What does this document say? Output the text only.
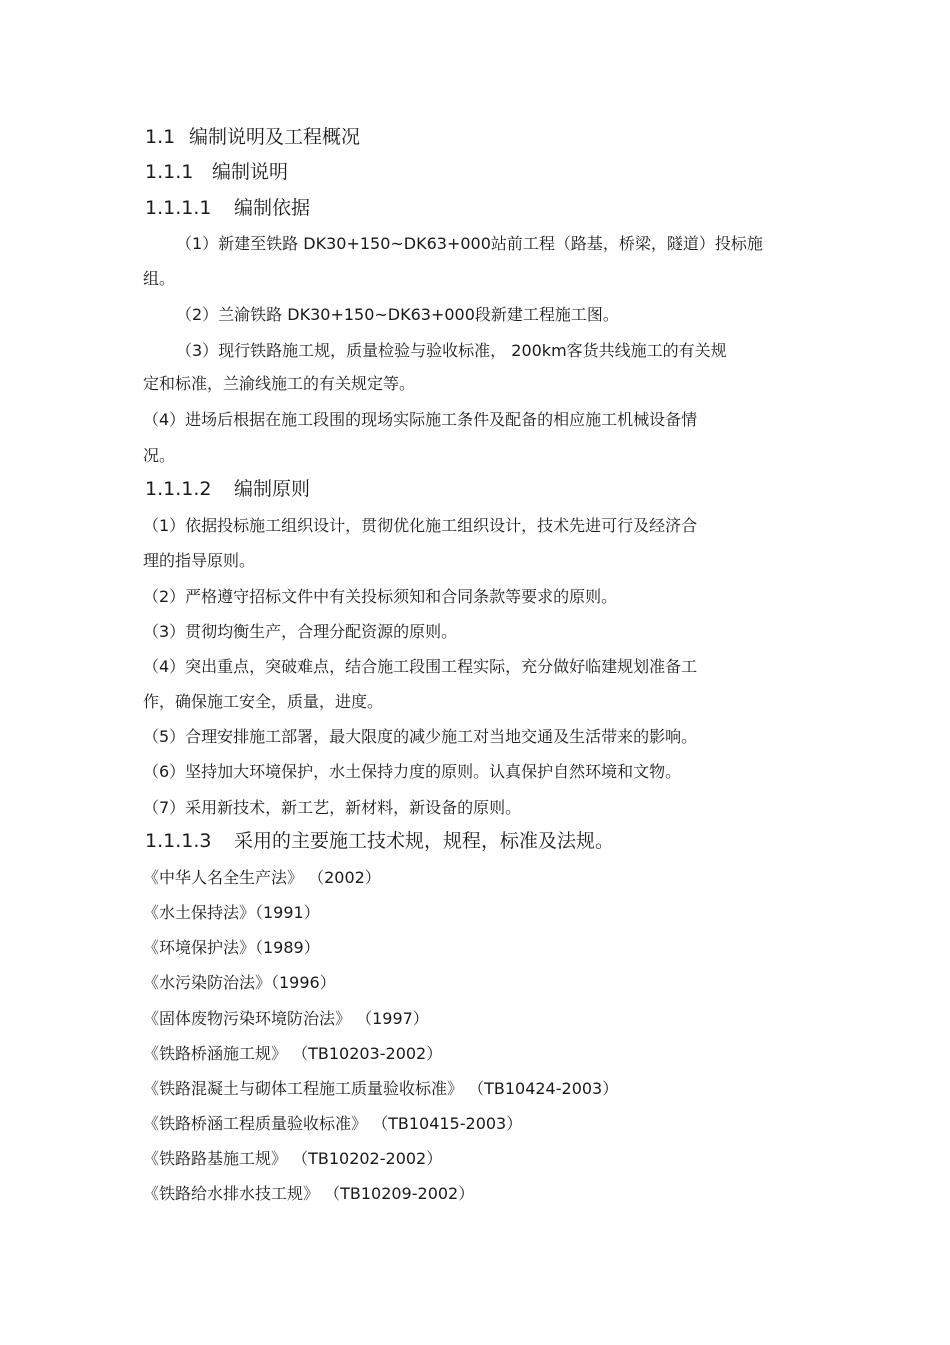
1.1 编制说明及工程概况
1.1.1 编制说明
1.1.1.1 编制依据
（1）新建至铁路 DK30+150~DK63+000站前工程（路基，桥梁，隧道）投标施
组。
（2）兰渝铁路 DK30+150~DK63+000段新建工程施工图。
（3）现行铁路施工规，质量检验与验收标准， 200km客货共线施工的有关规
定和标准，兰渝线施工的有关规定等。
（4）进场后根据在施工段围的现场实际施工条件及配备的相应施工机械设备情
况。
1.1.1.2 编制原则
（1）依据投标施工组织设计，贯彻优化施工组织设计，技术先进可行及经济合
理的指导原则。
（2）严格遵守招标文件中有关投标须知和合同条款等要求的原则。
（3）贯彻均衡生产，合理分配资源的原则。
（4）突出重点，突破难点，结合施工段围工程实际，充分做好临建规划准备工
作，确保施工安全，质量，进度。
（5）合理安排施工部署，最大限度的减少施工对当地交通及生活带来的影响。
（6）坚持加大环境保护，水土保持力度的原则。认真保护自然环境和文物。
（7）采用新技术，新工艺，新材料，新设备的原则。
1.1.1.3 采用的主要施工技术规，规程，标准及法规。
《中华人名全生产法》 （2002）
《水土保持法》（1991）
《环境保护法》（1989）
《水污染防治法》（1996）
《固体废物污染环境防治法》 （1997）
《铁路桥涵施工规》 （TB10203-2002）
《铁路混凝土与砌体工程施工质量验收标准》 （TB10424-2003）
《铁路桥涵工程质量验收标准》 （TB10415-2003）
《铁路路基施工规》 （TB10202-2002）
《铁路给水排水技工规》 （TB10209-2002）
